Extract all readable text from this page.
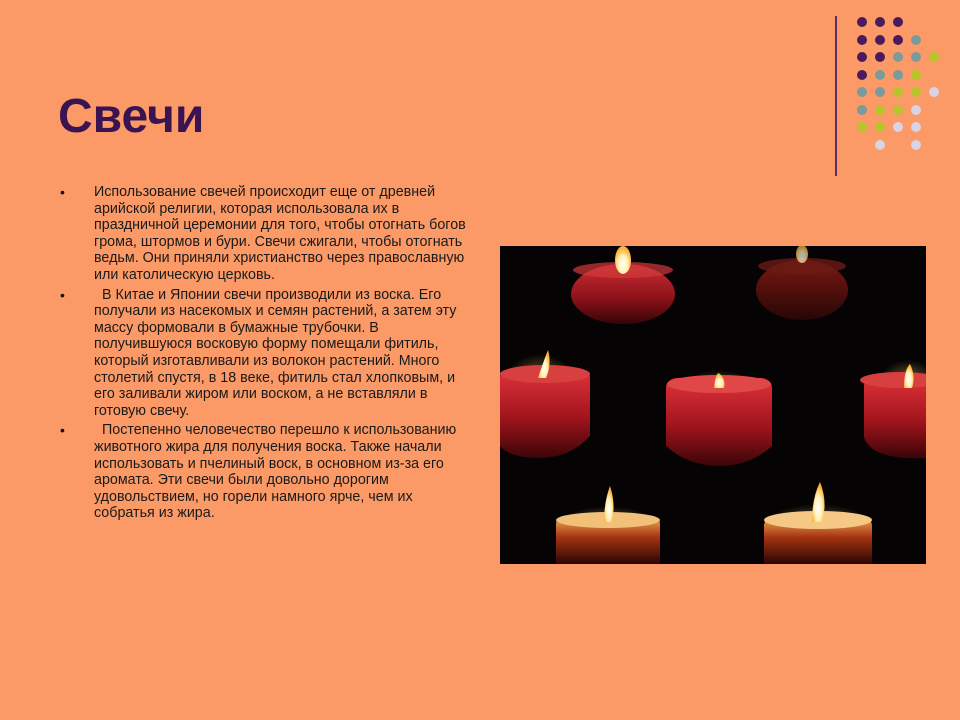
Свечи
• Использование свечей происходит еще от древней арийской религии, которая использовала их в праздничной церемонии для того, чтобы отогнать богов грома, штормов и бури. Свечи сжигали, чтобы отогнать ведьм. Они приняли христианство через православную или католическую церковь.
•	В Китае и Японии свечи производили из воска. Его получали из насекомых и семян растений, а затем эту массу формовали в бумажные трубочки. В получившуюся восковую форму помещали фитиль, который изготавливали из волокон растений. Много столетий спустя, в 18 веке, фитиль стал хлопковым, и его заливали жиром или воском, а не вставляли в готовую свечу.
•	Постепенно человечество перешло к использованию животного жира для получения воска. Также начали использовать и пчелиный воск, в основном из-за его аромата. Эти свечи были довольно дорогим удовольствием, но горели намного ярче, чем их собратья из жира.
